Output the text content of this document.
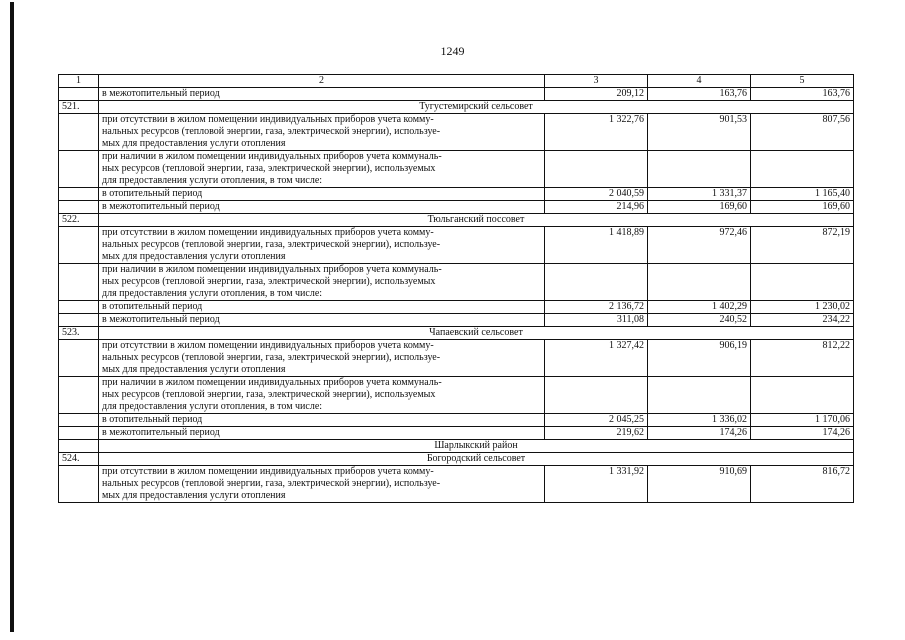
1249
1	2	3	4	5

	в межотопительный период	209,12	163,76	163,76
521.	Тугустемирский сельсовет			

	при отсутствии в жилом помещении индивидуальных приборов учета комму-
нальных ресурсов (тепловой энергии, газа, электрической энергии), используе-
мых для предоставления услуги отопления	1 322,76	901,53	807,56

	при наличии в жилом помещении индивидуальных приборов учета коммуналь-
ных ресурсов (тепловой энергии, газа, электрической энергии), используемых
для предоставления услуги отопления, в том числе:			

	в отопительный период	2 040,59	1 331,37	1 165,40

	в межотопительный период	214,96	169,60	169,60
522.	Тюльганский поссовет			

	при отсутствии в жилом помещении индивидуальных приборов учета комму-
нальных ресурсов (тепловой энергии, газа, электрической энергии), используе-
мых для предоставления услуги отопления	1 418,89	972,46	872,19

	при наличии в жилом помещении индивидуальных приборов учета коммуналь-
ных ресурсов (тепловой энергии, газа, электрической энергии), используемых
для предоставления услуги отопления, в том числе:			

	в отопительный период	2 136,72	1 402,29	1 230,02

	в межотопительный период	311,08	240,52	234,22
523.	Чапаевский сельсовет			

	при отсутствии в жилом помещении индивидуальных приборов учета комму-
нальных ресурсов (тепловой энергии, газа, электрической энергии), используе-
мых для предоставления услуги отопления	1 327,42	906,19	812,22

	при наличии в жилом помещении индивидуальных приборов учета коммуналь-
ных ресурсов (тепловой энергии, газа, электрической энергии), используемых
для предоставления услуги отопления, в том числе:			

	в отопительный период	2 045,25	1 336,02	1 170,06

	в межотопительный период	219,62	174,26	174,26
	Шарлыкский район			
524.	Богородский сельсовет			

	при отсутствии в жилом помещении индивидуальных приборов учета комму-
нальных ресурсов (тепловой энергии, газа, электрической энергии), используе-
мых для предоставления услуги отопления	1 331,92	910,69	816,72
